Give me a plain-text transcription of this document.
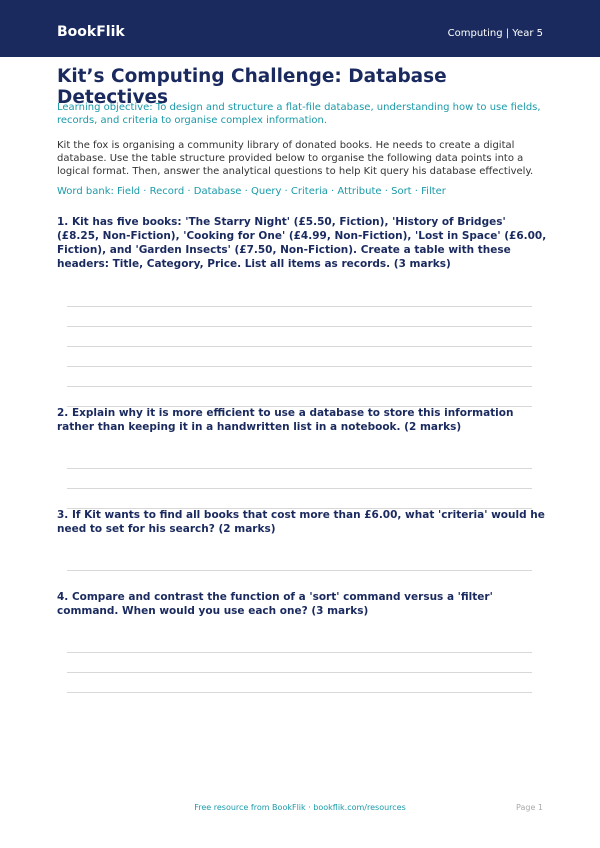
BookFlik	Computing | Year 5
Kit’s Computing Challenge: Database Detectives

Learning objective: To design and structure a flat-file database, understanding how to use fields, records, and criteria to organise complex information.

Kit the fox is organising a community library of donated books. He needs to create a digital database. Use the table structure provided below to organise the following data points into a logical format. Then, answer the analytical questions to help Kit query his database effectively.

Word bank: Field · Record · Database · Query · Criteria · Attribute · Sort · Filter

1. Kit has five books: 'The Starry Night' (£5.50, Fiction), 'History of Bridges' (£8.25, Non-Fiction), 'Cooking for One' (£4.99, Non-Fiction), 'Lost in Space' (£6.00, Fiction), and 'Garden Insects' (£7.50, Non-Fiction). Create a table with these headers: Title, Category, Price. List all items as records. (3 marks)

2. Explain why it is more efficient to use a database to store this information rather than keeping it in a handwritten list in a notebook. (2 marks)

3. If Kit wants to find all books that cost more than £6.00, what 'criteria' would he need to set for his search? (2 marks)

4. Compare and contrast the function of a 'sort' command versus a 'filter' command. When would you use each one? (3 marks)

Free resource from BookFlik · bookflik.com/resources	Page 1
